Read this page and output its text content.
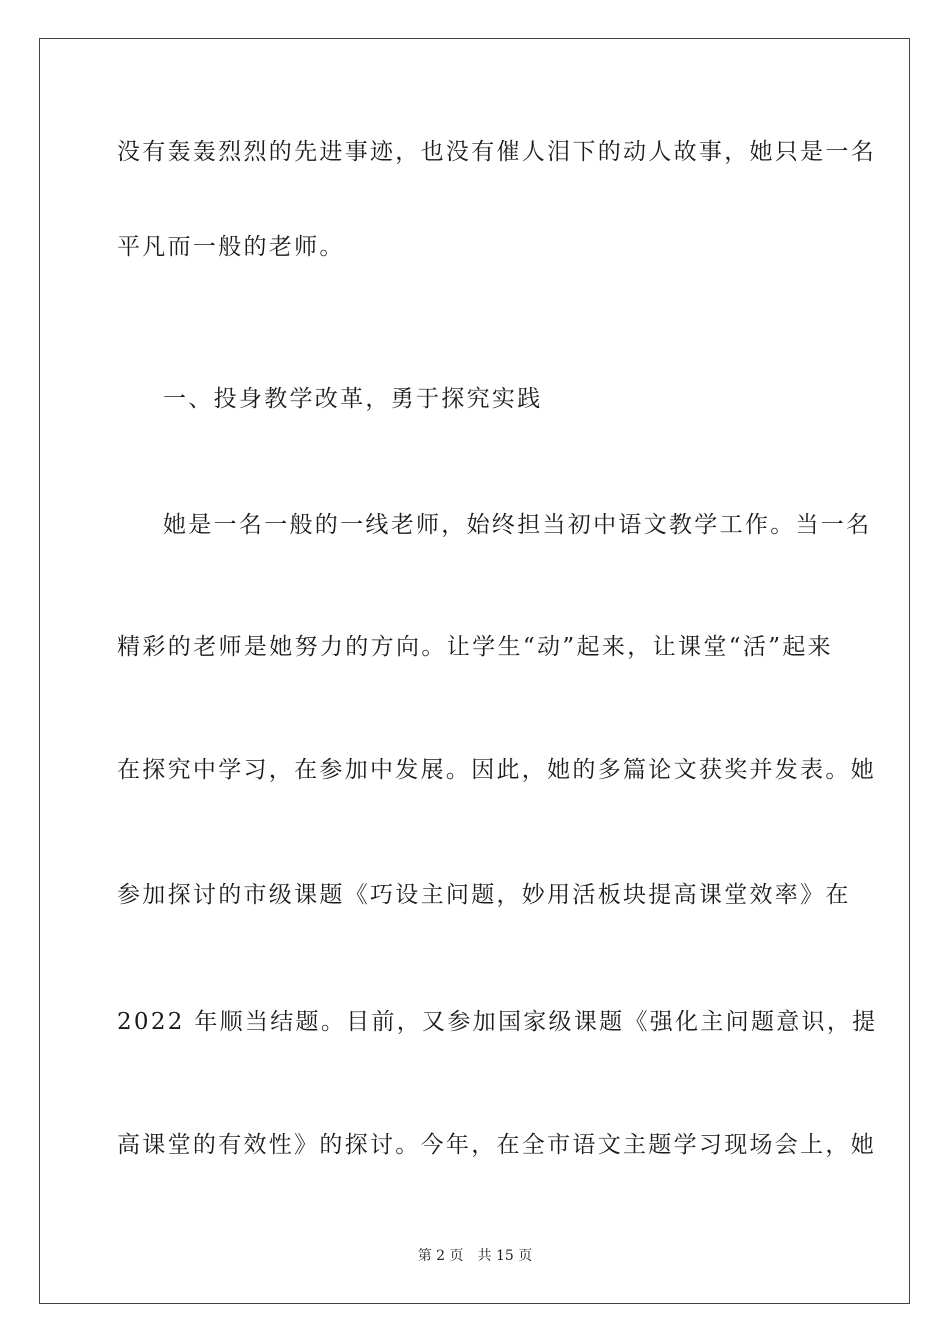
没有轰轰烈烈的先进事迹，也没有催人泪下的动人故事，她只是一名
平凡而一般的老师。
一、投身教学改革，勇于探究实践
她是一名一般的一线老师，始终担当初中语文教学工作。当一名
精彩的老师是她努力的方向。让学生“动”起来，让课堂“活”起来
在探究中学习，在参加中发展。因此，她的多篇论文获奖并发表。她
参加探讨的市级课题《巧设主问题，妙用活板块提高课堂效率》在
2022 年顺当结题。目前，又参加国家级课题《强化主问题意识，提
高课堂的有效性》的探讨。今年，在全市语文主题学习现场会上，她
第 2 页 共 15 页
